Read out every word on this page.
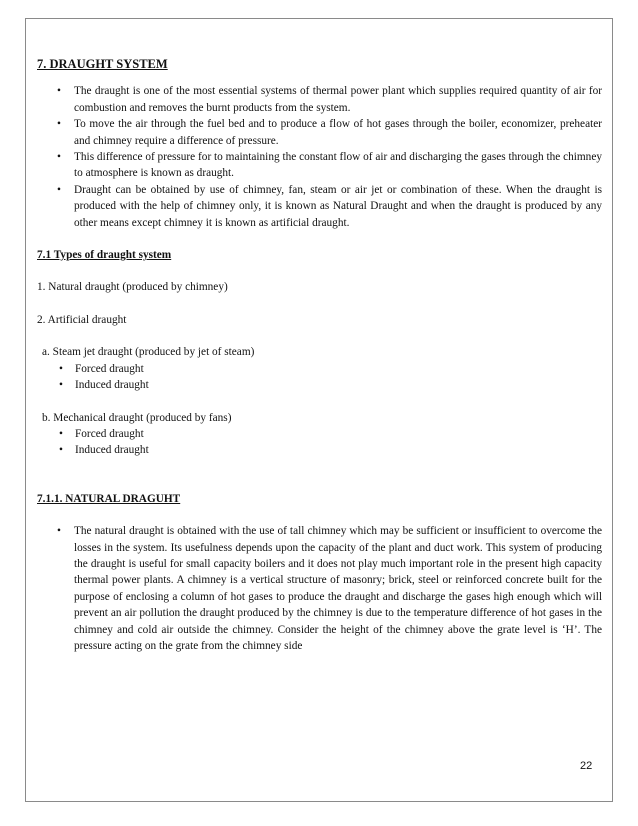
7. DRAUGHT SYSTEM
• The draught is one of the most essential systems of thermal power plant which supplies required quantity of air for combustion and removes the burnt products from the system.
• To move the air through the fuel bed and to produce a flow of hot gases through the boiler, economizer, preheater and chimney require a difference of pressure.
• This difference of pressure for to maintaining the constant flow of air and discharging the gases through the chimney to atmosphere is known as draught.
• Draught can be obtained by use of chimney, fan, steam or air jet or combination of these. When the draught is produced with the help of chimney only, it is known as Natural Draught and when the draught is produced by any other means except chimney it is known as artificial draught.
7.1 Types of draught system

1. Natural draught (produced by chimney)

2. Artificial draught

a. Steam jet draught (produced by jet of steam)

• Forced draught
• Induced draught

b. Mechanical draught (produced by fans)

• Forced draught
• Induced draught
7.1.1. NATURAL DRAGUHT
• The natural draught is obtained with the use of tall chimney which may be sufficient or insufficient to overcome the losses in the system. Its usefulness depends upon the capacity of the plant and duct work. This system of producing the draught is useful for small capacity boilers and it does not play much important role in the present high capacity thermal power plants. A chimney is a vertical structure of masonry; brick, steel or reinforced concrete built for the purpose of enclosing a column of hot gases to produce the draught and discharge the gases high enough which will prevent an air pollution the draught produced by the chimney is due to the temperature difference of hot gases in the chimney and cold air outside the chimney. Consider the height of the chimney above the grate level is ‘H’. The pressure acting on the grate from the chimney side
22
